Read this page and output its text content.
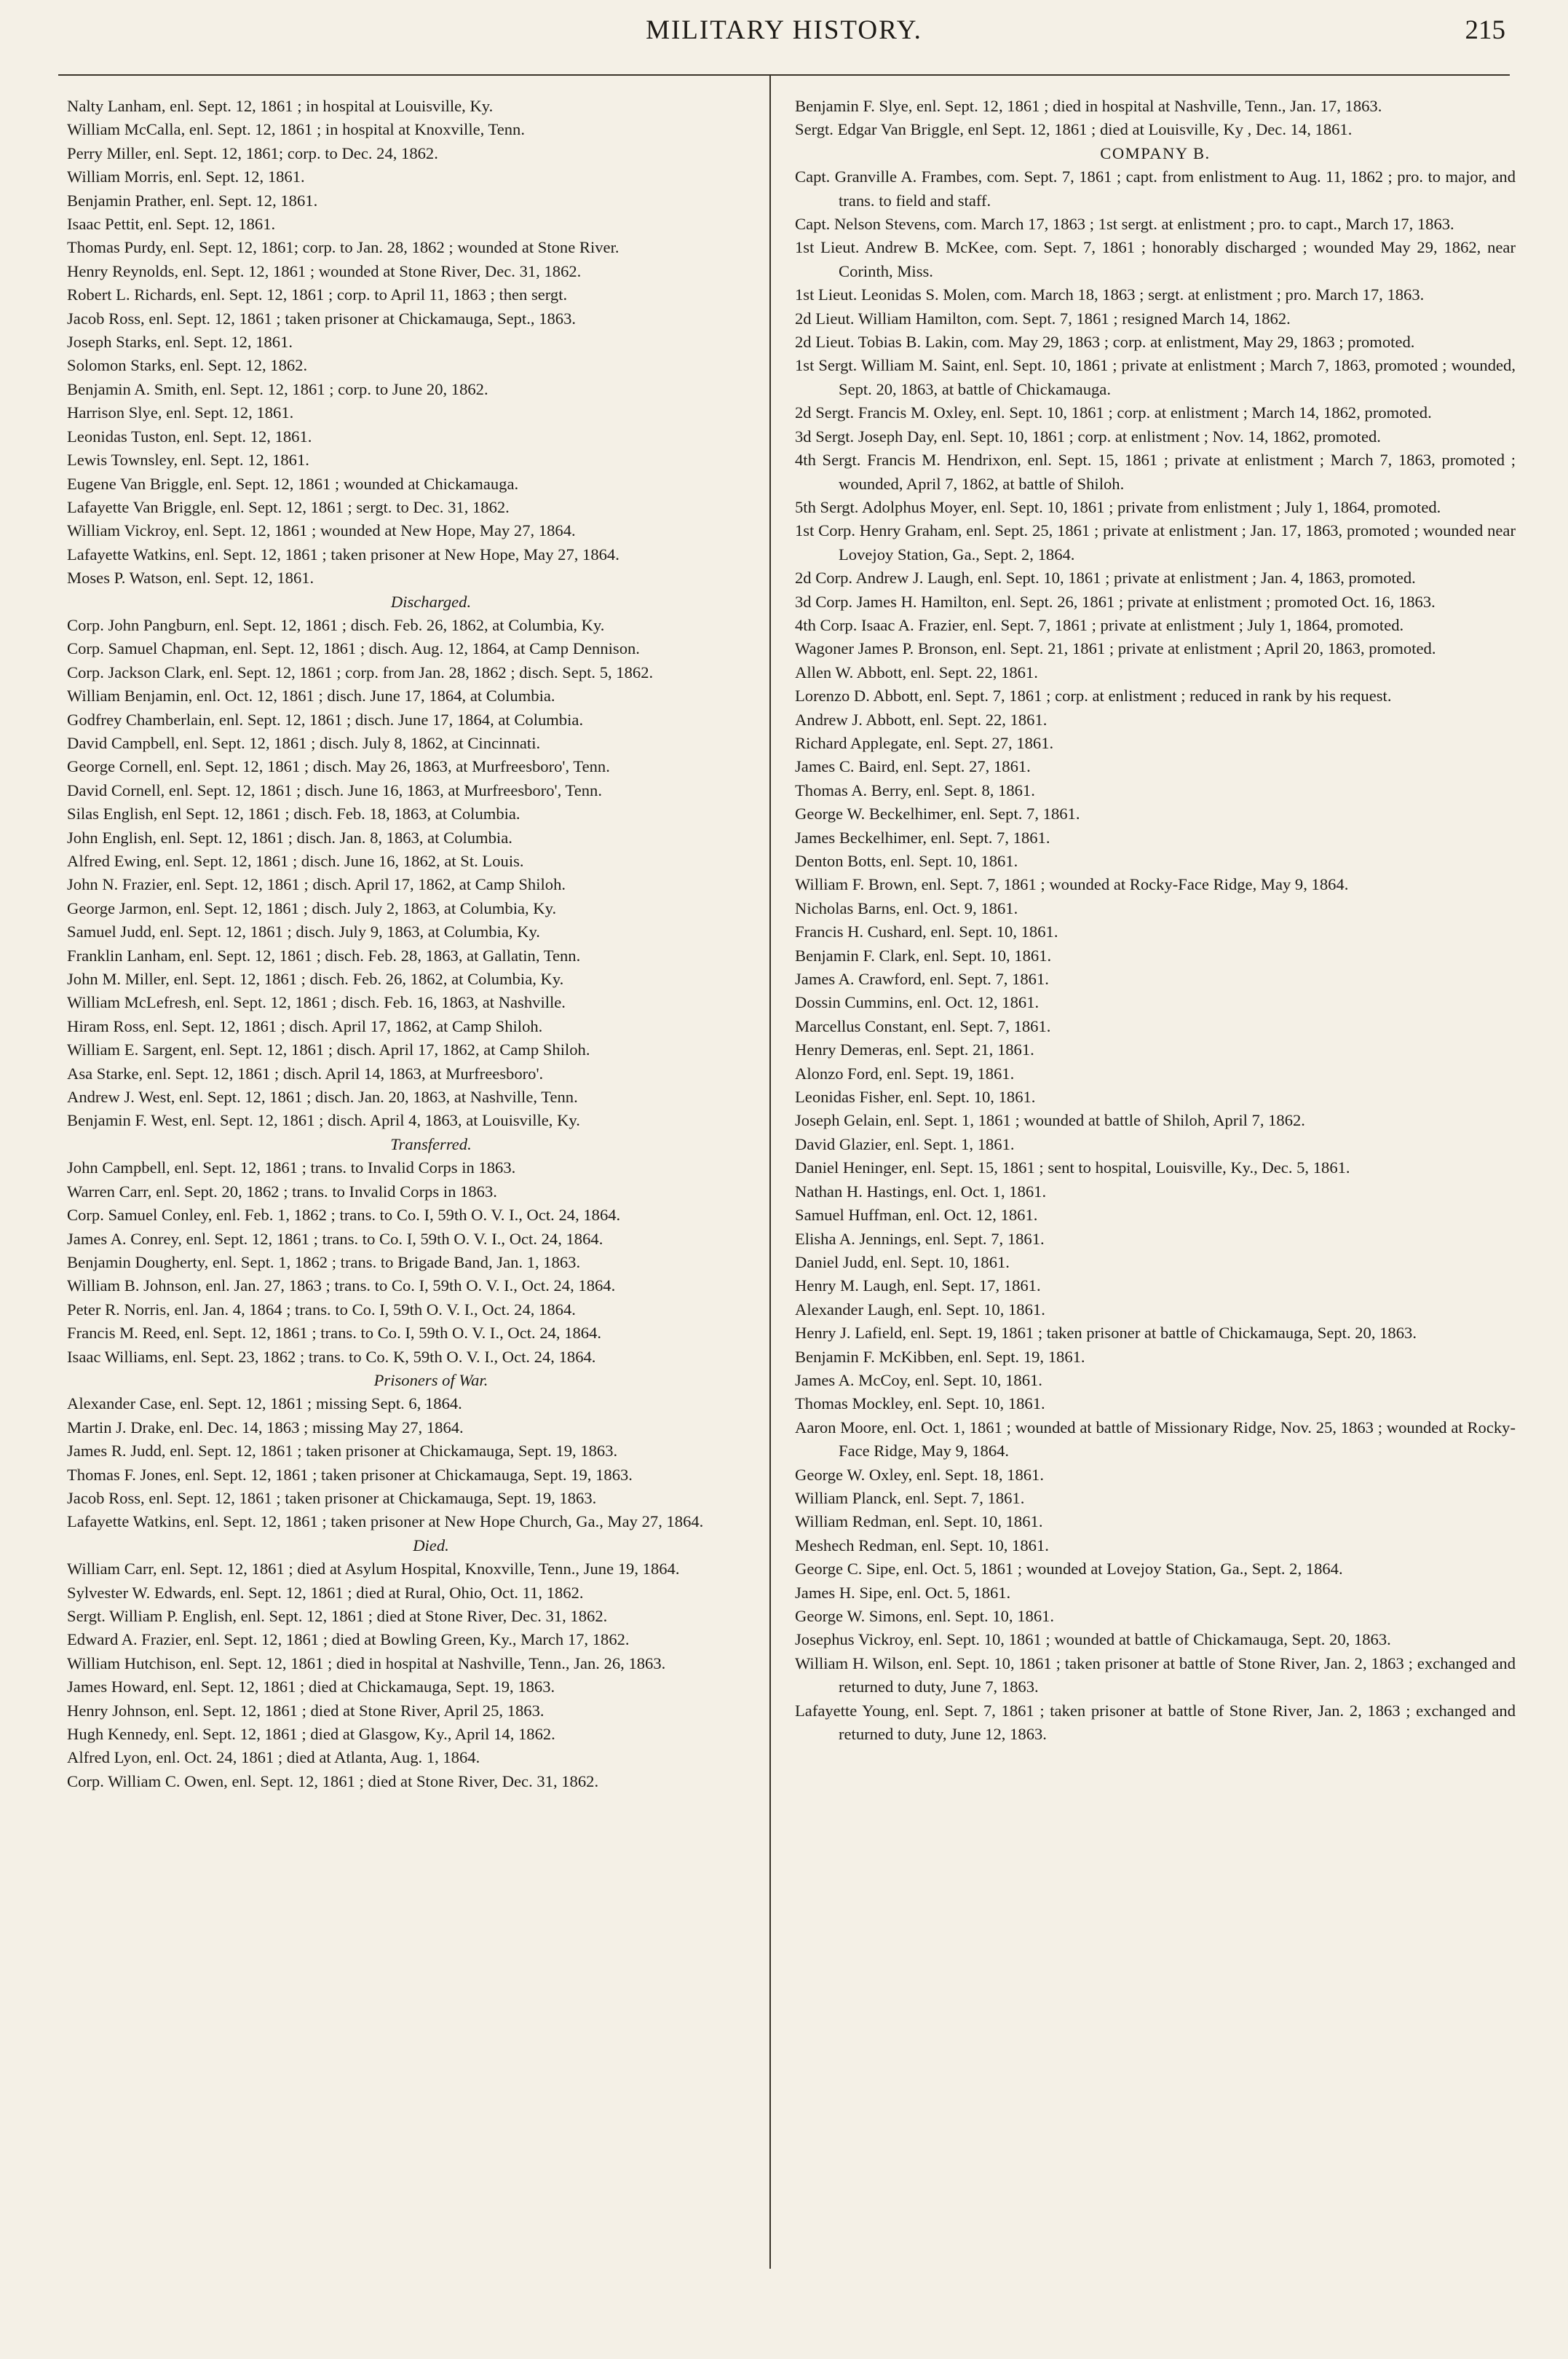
MILITARY HISTORY.	215

Nalty Lanham, enl. Sept. 12, 1861 ; in hospital at Louisville, Ky.

William McCalla, enl. Sept. 12, 1861 ; in hospital at Knoxville, Tenn.

Perry Miller, enl. Sept. 12, 1861; corp. to Dec. 24, 1862.

William Morris, enl. Sept. 12, 1861.

Benjamin Prather, enl. Sept. 12, 1861.

Isaac Pettit, enl. Sept. 12, 1861.

Thomas Purdy, enl. Sept. 12, 1861; corp. to Jan. 28, 1862 ; wounded at Stone River.

Henry Reynolds, enl. Sept. 12, 1861 ; wounded at Stone River, Dec. 31, 1862.

Robert L. Richards, enl. Sept. 12, 1861 ; corp. to April 11, 1863 ; then sergt.

Jacob Ross, enl. Sept. 12, 1861 ; taken prisoner at Chickamauga, Sept., 1863.

Joseph Starks, enl. Sept. 12, 1861.

Solomon Starks, enl. Sept. 12, 1862.

Benjamin A. Smith, enl. Sept. 12, 1861 ; corp. to June 20, 1862.

Harrison Slye, enl. Sept. 12, 1861.

Leonidas Tuston, enl. Sept. 12, 1861.

Lewis Townsley, enl. Sept. 12, 1861.

Eugene Van Briggle, enl. Sept. 12, 1861 ; wounded at Chickamauga.

Lafayette Van Briggle, enl. Sept. 12, 1861 ; sergt. to Dec. 31, 1862.

William Vickroy, enl. Sept. 12, 1861 ; wounded at New Hope, May 27, 1864.

Lafayette Watkins, enl. Sept. 12, 1861 ; taken prisoner at New Hope, May 27, 1864.

Moses P. Watson, enl. Sept. 12, 1861.

Discharged.

Corp. John Pangburn, enl. Sept. 12, 1861 ; disch. Feb. 26, 1862, at Columbia, Ky.

Corp. Samuel Chapman, enl. Sept. 12, 1861 ; disch. Aug. 12, 1864, at Camp Dennison.

Corp. Jackson Clark, enl. Sept. 12, 1861 ; corp. from Jan. 28, 1862 ; disch. Sept. 5, 1862.

William Benjamin, enl. Oct. 12, 1861 ; disch. June 17, 1864, at Columbia.

Godfrey Chamberlain, enl. Sept. 12, 1861 ; disch. June 17, 1864, at Columbia.

David Campbell, enl. Sept. 12, 1861 ; disch. July 8, 1862, at Cincinnati.

George Cornell, enl. Sept. 12, 1861 ; disch. May 26, 1863, at Murfreesboro', Tenn.

David Cornell, enl. Sept. 12, 1861 ; disch. June 16, 1863, at Murfreesboro', Tenn.

Silas English, enl Sept. 12, 1861 ; disch. Feb. 18, 1863, at Columbia.

John English, enl. Sept. 12, 1861 ; disch. Jan. 8, 1863, at Columbia.

Alfred Ewing, enl. Sept. 12, 1861 ; disch. June 16, 1862, at St. Louis.

John N. Frazier, enl. Sept. 12, 1861 ; disch. April 17, 1862, at Camp Shiloh.

George Jarmon, enl. Sept. 12, 1861 ; disch. July 2, 1863, at Columbia, Ky.

Samuel Judd, enl. Sept. 12, 1861 ; disch. July 9, 1863, at Columbia, Ky.

Franklin Lanham, enl. Sept. 12, 1861 ; disch. Feb. 28, 1863, at Gallatin, Tenn.

John M. Miller, enl. Sept. 12, 1861 ; disch. Feb. 26, 1862, at Columbia, Ky.

William McLefresh, enl. Sept. 12, 1861 ; disch. Feb. 16, 1863, at Nashville.

Hiram Ross, enl. Sept. 12, 1861 ; disch. April 17, 1862, at Camp Shiloh.

William E. Sargent, enl. Sept. 12, 1861 ; disch. April 17, 1862, at Camp Shiloh.

Asa Starke, enl. Sept. 12, 1861 ; disch. April 14, 1863, at Murfreesboro'.

Andrew J. West, enl. Sept. 12, 1861 ; disch. Jan. 20, 1863, at Nashville, Tenn.

Benjamin F. West, enl. Sept. 12, 1861 ; disch. April 4, 1863, at Louisville, Ky.

Transferred.

John Campbell, enl. Sept. 12, 1861 ; trans. to Invalid Corps in 1863.

Warren Carr, enl. Sept. 20, 1862 ; trans. to Invalid Corps in 1863.

Corp. Samuel Conley, enl. Feb. 1, 1862 ; trans. to Co. I, 59th O. V. I., Oct. 24, 1864.

James A. Conrey, enl. Sept. 12, 1861 ; trans. to Co. I, 59th O. V. I., Oct. 24, 1864.

Benjamin Dougherty, enl. Sept. 1, 1862 ; trans. to Brigade Band, Jan. 1, 1863.

William B. Johnson, enl. Jan. 27, 1863 ; trans. to Co. I, 59th O. V. I., Oct. 24, 1864.

Peter R. Norris, enl. Jan. 4, 1864 ; trans. to Co. I, 59th O. V. I., Oct. 24, 1864.

Francis M. Reed, enl. Sept. 12, 1861 ; trans. to Co. I, 59th O. V. I., Oct. 24, 1864.

Isaac Williams, enl. Sept. 23, 1862 ; trans. to Co. K, 59th O. V. I., Oct. 24, 1864.

Prisoners of War.

Alexander Case, enl. Sept. 12, 1861 ; missing Sept. 6, 1864.

Martin J. Drake, enl. Dec. 14, 1863 ; missing May 27, 1864.

James R. Judd, enl. Sept. 12, 1861 ; taken prisoner at Chickamauga, Sept. 19, 1863.

Thomas F. Jones, enl. Sept. 12, 1861 ; taken prisoner at Chickamauga, Sept. 19, 1863.

Jacob Ross, enl. Sept. 12, 1861 ; taken prisoner at Chickamauga, Sept. 19, 1863.

Lafayette Watkins, enl. Sept. 12, 1861 ; taken prisoner at New Hope Church, Ga., May 27, 1864.

Died.

William Carr, enl. Sept. 12, 1861 ; died at Asylum Hospital, Knoxville, Tenn., June 19, 1864.

Sylvester W. Edwards, enl. Sept. 12, 1861 ; died at Rural, Ohio, Oct. 11, 1862.

Sergt. William P. English, enl. Sept. 12, 1861 ; died at Stone River, Dec. 31, 1862.

Edward A. Frazier, enl. Sept. 12, 1861 ; died at Bowling Green, Ky., March 17, 1862.

William Hutchison, enl. Sept. 12, 1861 ; died in hospital at Nashville, Tenn., Jan. 26, 1863.

James Howard, enl. Sept. 12, 1861 ; died at Chickamauga, Sept. 19, 1863.

Henry Johnson, enl. Sept. 12, 1861 ; died at Stone River, April 25, 1863.

Hugh Kennedy, enl. Sept. 12, 1861 ; died at Glasgow, Ky., April 14, 1862.

Alfred Lyon, enl. Oct. 24, 1861 ; died at Atlanta, Aug. 1, 1864.

Corp. William C. Owen, enl. Sept. 12, 1861 ; died at Stone River, Dec. 31, 1862.

Benjamin F. Slye, enl. Sept. 12, 1861 ; died in hospital at Nashville, Tenn., Jan. 17, 1863.

Sergt. Edgar Van Briggle, enl Sept. 12, 1861 ; died at Louisville, Ky , Dec. 14, 1861.

COMPANY B.

Capt. Granville A. Frambes, com. Sept. 7, 1861 ; capt. from enlistment to Aug. 11, 1862 ; pro. to major, and trans. to field and staff.

Capt. Nelson Stevens, com. March 17, 1863 ; 1st sergt. at enlistment ; pro. to capt., March 17, 1863.

1st Lieut. Andrew B. McKee, com. Sept. 7, 1861 ; honorably discharged ; wounded May 29, 1862, near Corinth, Miss.

1st Lieut. Leonidas S. Molen, com. March 18, 1863 ; sergt. at enlistment ; pro. March 17, 1863.

2d Lieut. William Hamilton, com. Sept. 7, 1861 ; resigned March 14, 1862.

2d Lieut. Tobias B. Lakin, com. May 29, 1863 ; corp. at enlistment, May 29, 1863 ; promoted.

1st Sergt. William M. Saint, enl. Sept. 10, 1861 ; private at enlistment ; March 7, 1863, promoted ; wounded, Sept. 20, 1863, at battle of Chickamauga.

2d Sergt. Francis M. Oxley, enl. Sept. 10, 1861 ; corp. at enlistment ; March 14, 1862, promoted.

3d Sergt. Joseph Day, enl. Sept. 10, 1861 ; corp. at enlistment ; Nov. 14, 1862, promoted.

4th Sergt. Francis M. Hendrixon, enl. Sept. 15, 1861 ; private at enlistment ; March 7, 1863, promoted ; wounded, April 7, 1862, at battle of Shiloh.

5th Sergt. Adolphus Moyer, enl. Sept. 10, 1861 ; private from enlistment ; July 1, 1864, promoted.

1st Corp. Henry Graham, enl. Sept. 25, 1861 ; private at enlistment ; Jan. 17, 1863, promoted ; wounded near Lovejoy Station, Ga., Sept. 2, 1864.

2d Corp. Andrew J. Laugh, enl. Sept. 10, 1861 ; private at enlistment ; Jan. 4, 1863, promoted.

3d Corp. James H. Hamilton, enl. Sept. 26, 1861 ; private at enlistment ; promoted Oct. 16, 1863.

4th Corp. Isaac A. Frazier, enl. Sept. 7, 1861 ; private at enlistment ; July 1, 1864, promoted.

Wagoner James P. Bronson, enl. Sept. 21, 1861 ; private at enlistment ; April 20, 1863, promoted.

Allen W. Abbott, enl. Sept. 22, 1861.

Lorenzo D. Abbott, enl. Sept. 7, 1861 ; corp. at enlistment ; reduced in rank by his request.

Andrew J. Abbott, enl. Sept. 22, 1861.

Richard Applegate, enl. Sept. 27, 1861.

James C. Baird, enl. Sept. 27, 1861.

Thomas A. Berry, enl. Sept. 8, 1861.

George W. Beckelhimer, enl. Sept. 7, 1861.

James Beckelhimer, enl. Sept. 7, 1861.

Denton Botts, enl. Sept. 10, 1861.

William F. Brown, enl. Sept. 7, 1861 ; wounded at Rocky-Face Ridge, May 9, 1864.

Nicholas Barns, enl. Oct. 9, 1861.

Francis H. Cushard, enl. Sept. 10, 1861.

Benjamin F. Clark, enl. Sept. 10, 1861.

James A. Crawford, enl. Sept. 7, 1861.

Dossin Cummins, enl. Oct. 12, 1861.

Marcellus Constant, enl. Sept. 7, 1861.

Henry Demeras, enl. Sept. 21, 1861.

Alonzo Ford, enl. Sept. 19, 1861.

Leonidas Fisher, enl. Sept. 10, 1861.

Joseph Gelain, enl. Sept. 1, 1861 ; wounded at battle of Shiloh, April 7, 1862.

David Glazier, enl. Sept. 1, 1861.

Daniel Heninger, enl. Sept. 15, 1861 ; sent to hospital, Louisville, Ky., Dec. 5, 1861.

Nathan H. Hastings, enl. Oct. 1, 1861.

Samuel Huffman, enl. Oct. 12, 1861.

Elisha A. Jennings, enl. Sept. 7, 1861.

Daniel Judd, enl. Sept. 10, 1861.

Henry M. Laugh, enl. Sept. 17, 1861.

Alexander Laugh, enl. Sept. 10, 1861.

Henry J. Lafield, enl. Sept. 19, 1861 ; taken prisoner at battle of Chickamauga, Sept. 20, 1863.

Benjamin F. McKibben, enl. Sept. 19, 1861.

James A. McCoy, enl. Sept. 10, 1861.

Thomas Mockley, enl. Sept. 10, 1861.

Aaron Moore, enl. Oct. 1, 1861 ; wounded at battle of Missionary Ridge, Nov. 25, 1863 ; wounded at Rocky-Face Ridge, May 9, 1864.

George W. Oxley, enl. Sept. 18, 1861.

William Planck, enl. Sept. 7, 1861.

William Redman, enl. Sept. 10, 1861.

Meshech Redman, enl. Sept. 10, 1861.

George C. Sipe, enl. Oct. 5, 1861 ; wounded at Lovejoy Station, Ga., Sept. 2, 1864.

James H. Sipe, enl. Oct. 5, 1861.

George W. Simons, enl. Sept. 10, 1861.

Josephus Vickroy, enl. Sept. 10, 1861 ; wounded at battle of Chickamauga, Sept. 20, 1863.

William H. Wilson, enl. Sept. 10, 1861 ; taken prisoner at battle of Stone River, Jan. 2, 1863 ; exchanged and returned to duty, June 7, 1863.

Lafayette Young, enl. Sept. 7, 1861 ; taken prisoner at battle of Stone River, Jan. 2, 1863 ; exchanged and returned to duty, June 12, 1863.
